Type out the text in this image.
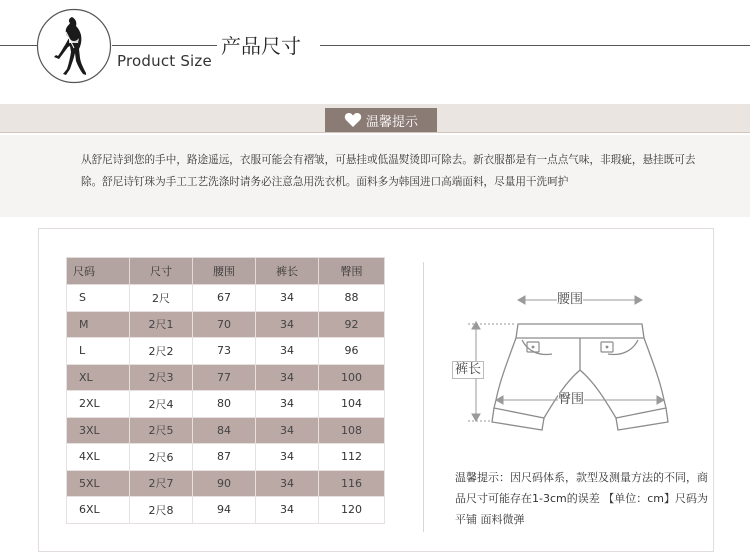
Product Size
产品尺寸
温馨提示

从舒尼诗到您的手中，路途遥远，衣服可能会有褶皱，可悬挂或低温熨烫即可除去。新衣服都是有一点点气味，非瑕疵，悬挂既可去除。舒尼诗钉珠为手工工艺洗涤时请务必注意急用洗衣机。面料多为韩国进口高端面料，尽量用干洗呵护

尺码	尺寸	腰围	裤长	臀围
S	2尺	67	34	88
M	2尺1	70	34	92
L	2尺2	73	34	96
XL	2尺3	77	34	100
2XL	2尺4	80	34	104
3XL	2尺5	84	34	108
4XL	2尺6	87	34	112
5XL	2尺7	90	34	116
6XL	2尺8	94	34	120
腰围
裤长
臀围
温馨提示：因尺码体系，款型及测量方法的不同，商品尺寸可能存在1-3cm的误差 【单位：cm】尺码为平铺 面料微弹
